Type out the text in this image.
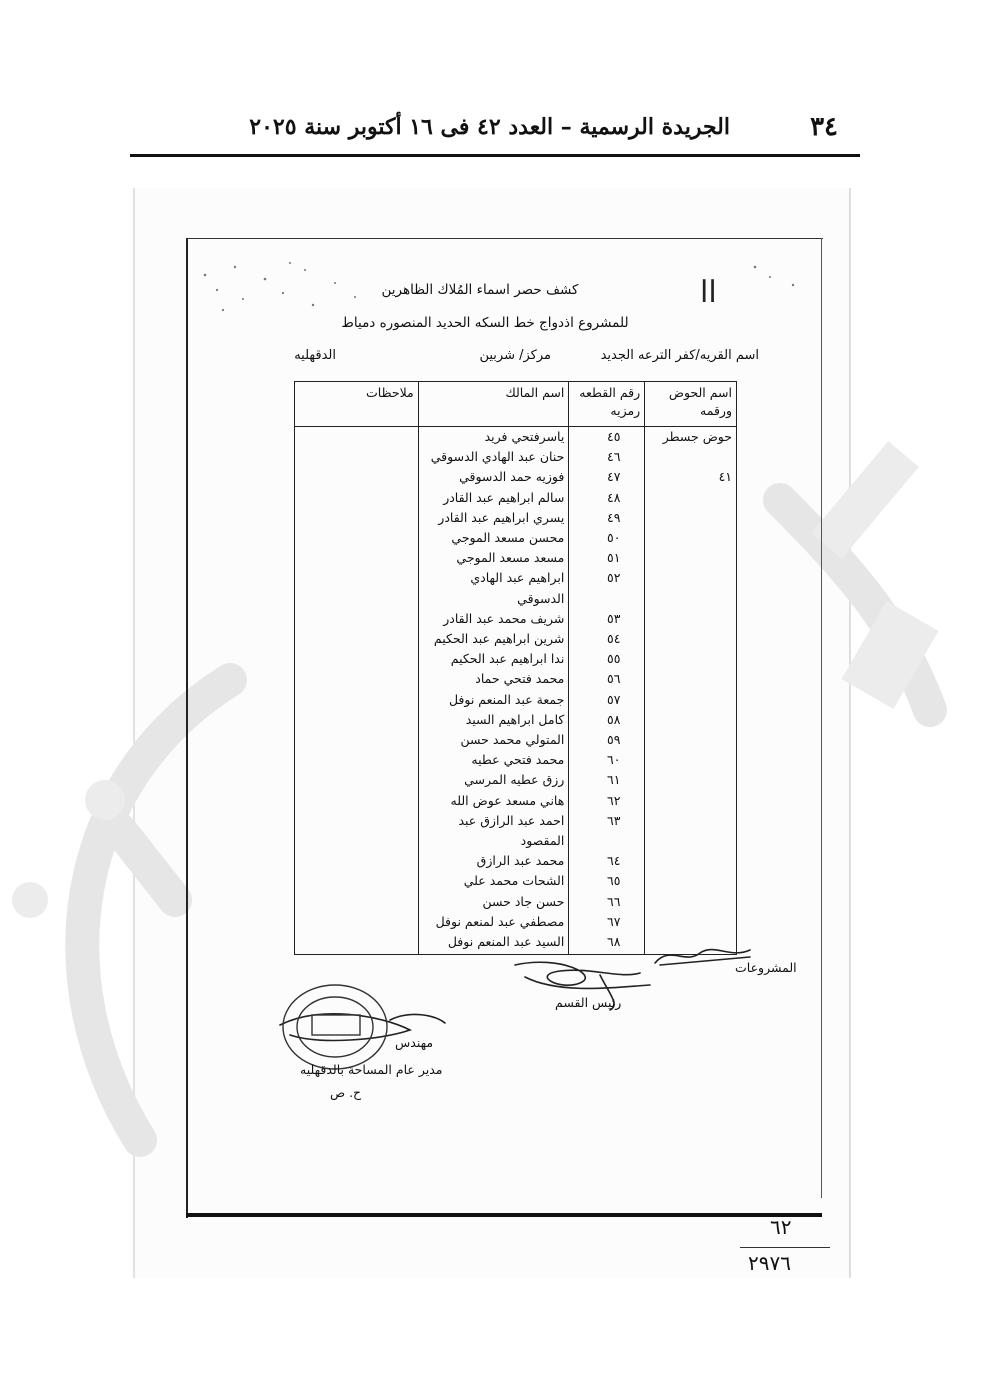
٣٤
الجريدة الرسمية – العدد ٤٢ فى ١٦ أكتوبر سنة ٢٠٢٥
اا
كشف حصر اسماء المُلاك الظاهرين
للمشروع اذدواج خط السكه الحديد المنصوره دمياط
اسم القريه/كفر الترعه الجديد
مركز/ شربين
الدقهليه
اسم الحوض ورقمه	رقم القطعه رمزيه	اسم المالك	ملاحظات
حوض جسطر	٤٥	ياسرفتحي فريد	
	٤٦	حنان عبد الهادي الدسوقي	
٤١	٤٧	فوزيه حمد الدسوقي	
	٤٨	سالم ابراهيم عبد القادر	
	٤٩	يسري ابراهيم عبد القادر	
	٥٠	محسن مسعد الموجي	
	٥١	مسعد مسعد الموجي	
	٥٢	ابراهيم عبد الهادي الدسوقي	
	٥٣	شريف محمد عبد القادر	
	٥٤	شرين ابراهيم عبد الحكيم	
	٥٥	ندا ابراهيم عبد الحكيم	
	٥٦	محمد فتحي حماد	
	٥٧	جمعة عبد المنعم نوفل	
	٥٨	كامل ابراهيم السيد	
	٥٩	المتولي محمد حسن	
	٦٠	محمد فتحي عطيه	
	٦١	رزق عطيه المرسي	
	٦٢	هاني مسعد عوض الله	
	٦٣	احمد عبد الرازق عبد	
		المقصود	
	٦٤	محمد عبد الرازق	
	٦٥	الشحات محمد علي	
	٦٦	حسن جاد حسن	
	٦٧	مصطفي عبد لمنعم نوفل	
	٦٨	السيد عبد المنعم نوفل	
المشروعات
رئيس القسم
مهندس
مدير عام المساحة بالدقهليه
ح. ص
٦٢
٢٩٧٦
